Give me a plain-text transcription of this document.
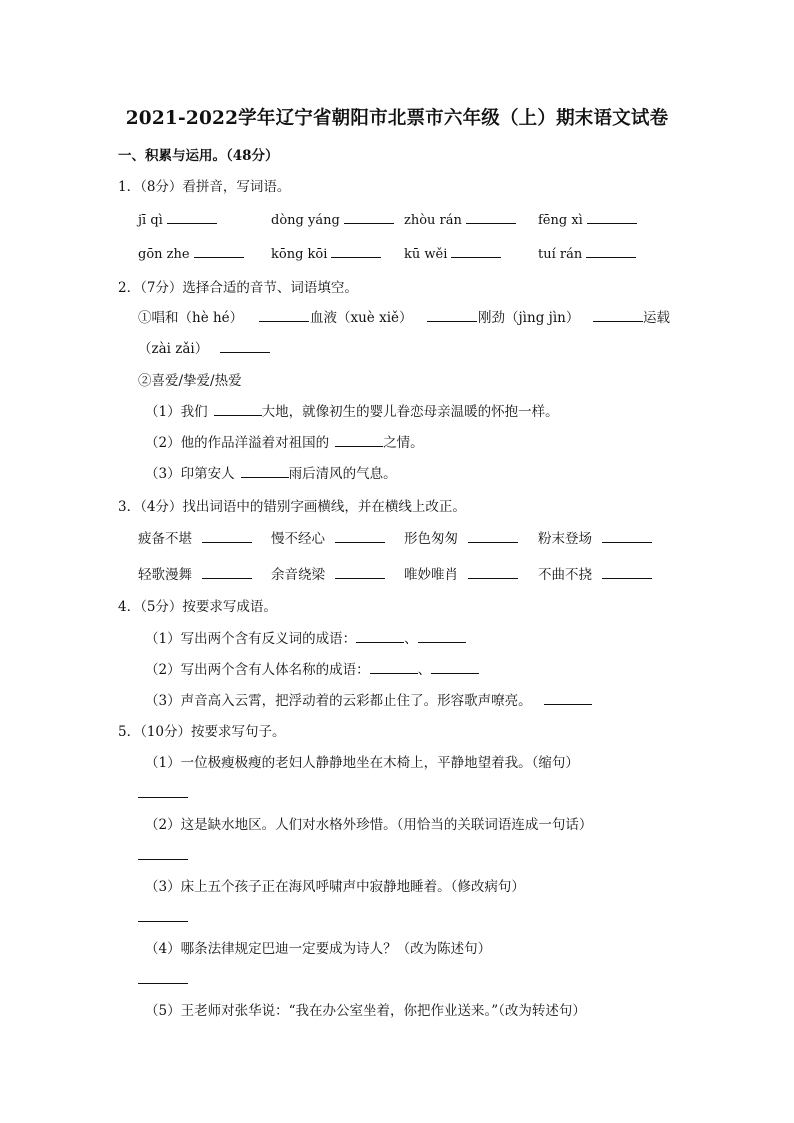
2021-2022学年辽宁省朝阳市北票市六年级（上）期末语文试卷
一、积累与运用。（48分）
1．（8分）看拼音，写词语。
jī qì	dòng yáng	zhòu rán	fēng xì
gōn zhe	kōng kōi	kū wěi	tuí rán
2．（7分）选择合适的音节、词语填空。
①唱和（hè hé）	血液（xuè xiě）	刚劲（jìng jìn）	运载
（zài zǎi）
②喜爱/挚爱/热爱
（1）我们	大地，就像初生的婴儿眷恋母亲温暖的怀抱一样。
（2）他的作品洋溢着对祖国的	之情。
（3）印第安人	雨后清风的气息。
3．（4分）找出词语中的错别字画横线，并在横线上改正。
疲备不堪	慢不经心	形色匆匆	粉末登场
轻歌漫舞	余音绕梁	唯妙唯肖	不曲不挠
4．（5分）按要求写成语。
（1）写出两个含有反义词的成语：	、
（2）写出两个含有人体名称的成语：	、
（3）声音高入云霄，把浮动着的云彩都止住了。形容歌声嘹亮。
5．（10分）按要求写句子。
（1）一位极瘦极瘦的老妇人静静地坐在木椅上，平静地望着我。（缩句）
（2）这是缺水地区。人们对水格外珍惜。（用恰当的关联词语连成一句话）
（3）床上五个孩子正在海风呼啸声中寂静地睡着。（修改病句）
（4）哪条法律规定巴迪一定要成为诗人？（改为陈述句）
（5）王老师对张华说：“我在办公室坐着，你把作业送来。”（改为转述句）
